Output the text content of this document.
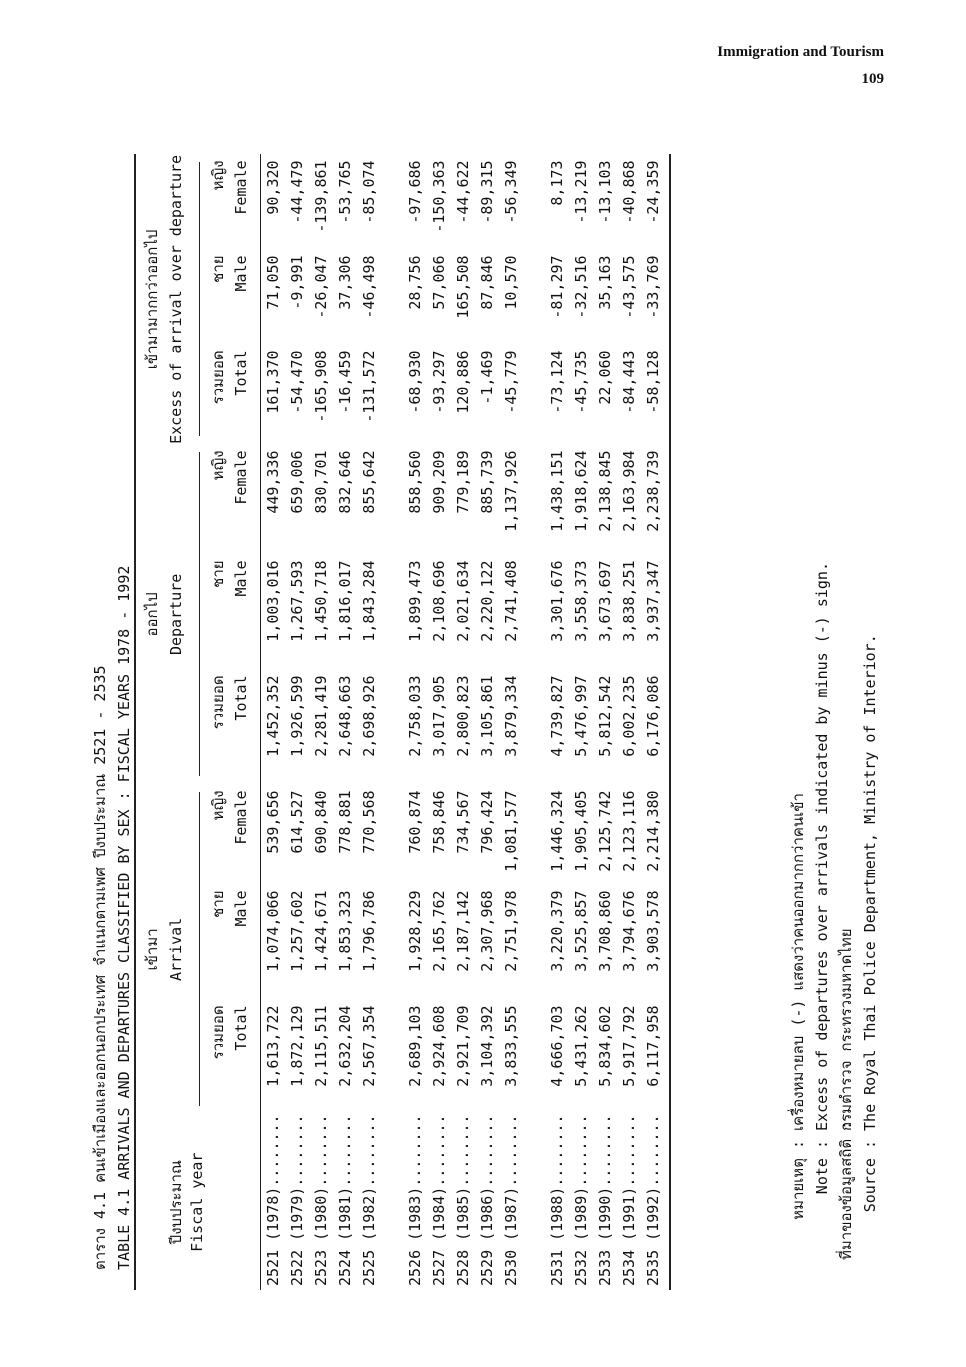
Immigration and Tourism
109
ตาราง 4.1 คนเข้าเมืองและออกนอกประเทศ จำแนกตามเพศ ปีงบประมาณ 2521 - 2535 TABLE 4.1 ARRIVALS AND DEPARTURES CLASSIFIED BY SEX : FISCAL YEARS 1978 - 1992

	เข้ามา			ออกไป			เข้ามามากกว่าออกไป		
ปีงบประมาณ	Arrival			Departure			Excess of arrival over departure		
Fiscal year							

	รวมยอด	ชาย	หญิง	รวมยอด	ชาย	หญิง	รวมยอด	ชาย	หญิง
	Total	Male	Female	Total	Male	Female	Total	Male	Female

2521 (1978)........	1,613,722	1,074,066	539,656	1,452,352	1,003,016	449,336	161,370	71,050	90,320
2522 (1979)........	1,872,129	1,257,602	614,527	1,926,599	1,267,593	659,006	-54,470	-9,991	-44,479
2523 (1980)........	2,115,511	1,424,671	690,840	2,281,419	1,450,718	830,701	-165,908	-26,047	-139,861
2524 (1981)........	2,632,204	1,853,323	778,881	2,648,663	1,816,017	832,646	-16,459	37,306	-53,765
2525 (1982)........	2,567,354	1,796,786	770,568	2,698,926	1,843,284	855,642	-131,572	-46,498	-85,074

2526 (1983)........	2,689,103	1,928,229	760,874	2,758,033	1,899,473	858,560	-68,930	28,756	-97,686
2527 (1984)........	2,924,608	2,165,762	758,846	3,017,905	2,108,696	909,209	-93,297	57,066	-150,363
2528 (1985)........	2,921,709	2,187,142	734,567	2,800,823	2,021,634	779,189	120,886	165,508	-44,622
2529 (1986)........	3,104,392	2,307,968	796,424	3,105,861	2,220,122	885,739	-1,469	87,846	-89,315
2530 (1987)........	3,833,555	2,751,978	1,081,577	3,879,334	2,741,408	1,137,926	-45,779	10,570	-56,349

2531 (1988)........	4,666,703	3,220,379	1,446,324	4,739,827	3,301,676	1,438,151	-73,124	-81,297	8,173
2532 (1989)........	5,431,262	3,525,857	1,905,405	5,476,997	3,558,373	1,918,624	-45,735	-32,516	-13,219
2533 (1990)........	5,834,602	3,708,860	2,125,742	5,812,542	3,673,697	2,138,845	22,060	35,163	-13,103
2534 (1991)........	5,917,792	3,794,676	2,123,116	6,002,235	3,838,251	2,163,984	-84,443	-43,575	-40,868
2535 (1992)........	6,117,958	3,903,578	2,214,380	6,176,086	3,937,347	2,238,739	-58,128	-33,769	-24,359

หมายเหตุ : เครื่องหมายลบ (-) แสดงว่าคนออกมากกว่าคนเข้า
Note : Excess of departures over arrivals indicated by minus (-) sign.
ที่มาของข้อมูลสถิติ : กรมตำรวจ กระทรวงมหาดไทย
Source : The Royal Thai Police Department, Ministry of Interior.
